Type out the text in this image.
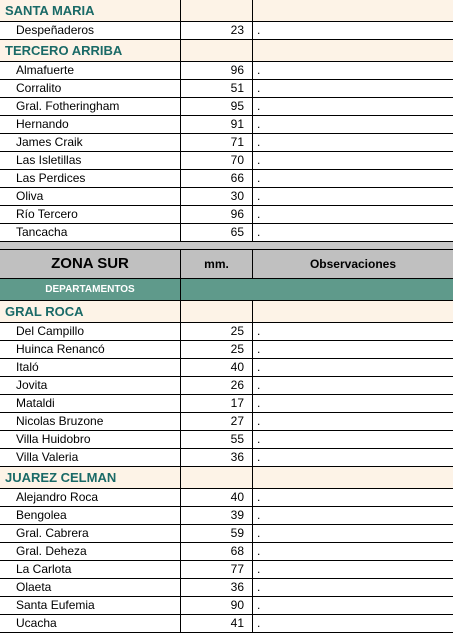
SANTA MARIA
Despeñaderos	23	.
TERCERO ARRIBA
Almafuerte	96	.
Corralito	51	.
Gral. Fotheringham	95	.
Hernando	91	.
James Craik	71	.
Las Isletillas	70	.
Las Perdices	66	.
Oliva	30	.
Río Tercero	96	.
Tancacha	65	.
ZONA SUR	mm.	Observaciones
DEPARTAMENTOS
GRAL ROCA
Del Campillo	25	.
Huinca Renancó	25	.
Italó	40	.
Jovita	26	.
Mataldi	17	.
Nicolas Bruzone	27	.
Villa Huidobro	55	.
Villa Valeria	36	.
JUAREZ CELMAN
Alejandro Roca	40	.
Bengolea	39	.
Gral. Cabrera	59	.
Gral. Deheza	68	.
La Carlota	77	.
Olaeta	36	.
Santa Eufemia	90	.
Ucacha	41	.
